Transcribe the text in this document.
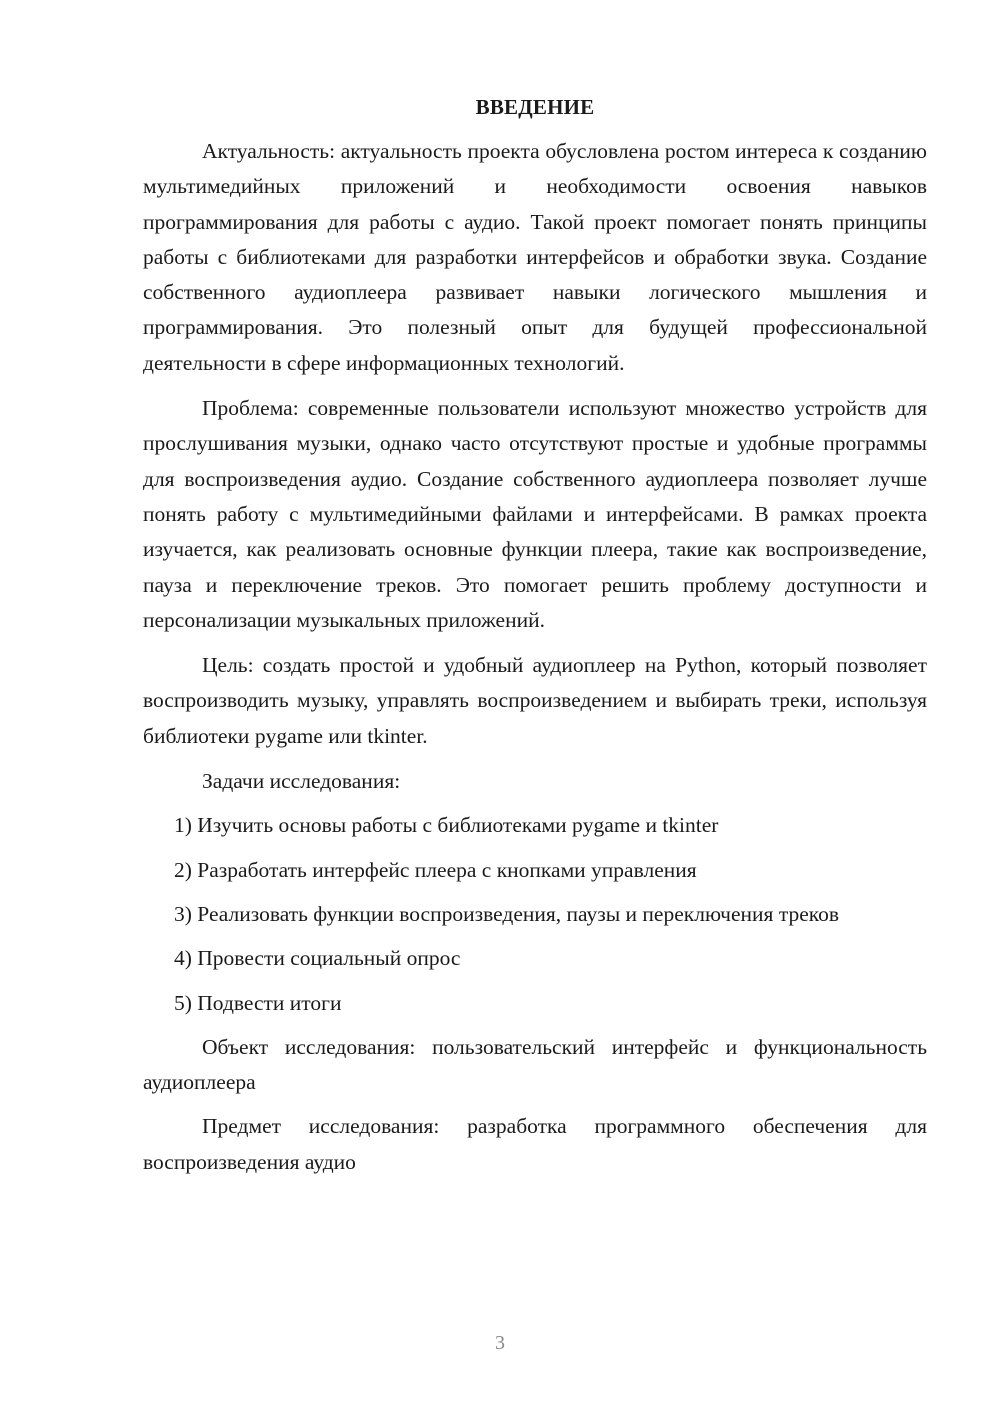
ВВЕДЕНИЕ

Актуальность: актуальность проекта обусловлена ростом интереса к созданию мультимедийных приложений и необходимости освоения навыков программирования для работы с аудио. Такой проект помогает понять принципы работы с библиотеками для разработки интерфейсов и обработки звука. Создание собственного аудиоплеера развивает навыки логического мышления и программирования. Это полезный опыт для будущей профессиональной деятельности в сфере информационных технологий.

Проблема: современные пользователи используют множество устройств для прослушивания музыки, однако часто отсутствуют простые и удобные программы для воспроизведения аудио. Создание собственного аудиоплеера позволяет лучше понять работу с мультимедийными файлами и интерфейсами. В рамках проекта изучается, как реализовать основные функции плеера, такие как воспроизведение, пауза и переключение треков. Это помогает решить проблему доступности и персонализации музыкальных приложений.

Цель: создать простой и удобный аудиоплеер на Python, который позволяет воспроизводить музыку, управлять воспроизведением и выбирать треки, используя библиотеки pygame или tkinter.

Задачи исследования:

1) Изучить основы работы с библиотеками pygame и tkinter

2) Разработать интерфейс плеера с кнопками управления

3) Реализовать функции воспроизведения, паузы и переключения треков

4) Провести социальный опрос

5) Подвести итоги

Объект исследования: пользовательский интерфейс и функциональность аудиоплеера

Предмет исследования: разработка программного обеспечения для воспроизведения аудио

3
